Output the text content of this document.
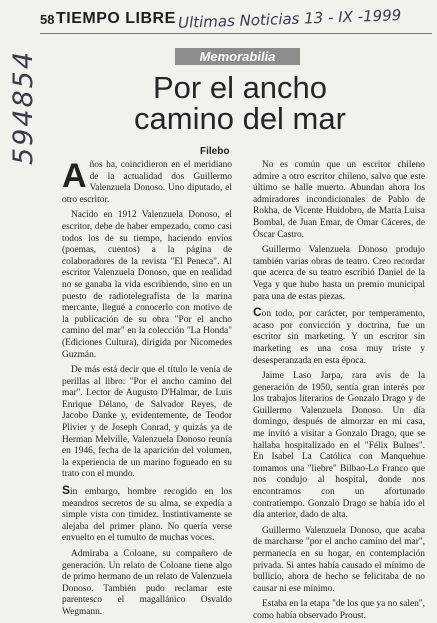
594854
58 TIEMPO LIBRE Ultimas Noticias 13 - IX -1999
Memorabilia
Por el ancho camino del mar
Filebo

Años ha, coincidieron en el meridiano de la actualidad dos Guillermo Valenzuela Donoso. Uno diputado, el otro escritor.

Nacido en 1912 Valenzuela Donoso, el escritor, debe de haber empezado, como casi todos los de su tiempo, haciendo envíos (poemas, cuentos) a la página de colaboradores de la revista "El Peneca". Al escritor Valenzuela Donoso, que en realidad no se ganaba la vida escribiendo, sino en un puesto de radiotelegrafista de la marina mercante, llegué a conocerlo con motivo de la publicación de su obra "Por el ancho camino del mar" en la colección "La Honda" (Ediciones Cultura), dirigida por Nicomedes Guzmán.

De más está decir que el título le venía de perillas al libro: "Por el ancho camino del mar". Lector de Augusto D'Halmar, de Luis Enrique Délano, de Salvador Reyes, de Jacobo Danke y, evidentemente, de Teodor Plivier y de Joseph Conrad, y quizás ya de Herman Melville, Valenzuela Donoso reunía en 1946, fecha de la aparición del volumen, la experiencia de un marino fogueado en su trato con el mundo.

Sin embargo, hombre recogido en los meandros secretos de su alma, se expedía a simple vista con timidez. Instintivamente se alejaba del primer plano. No quería verse envuelto en el tumulto de muchas voces.

Admiraba a Coloane, su compañero de generación. Un relato de Coloane tiene algo de primo hermano de un relato de Valenzuela Donoso. También pudo reclamar este parentesco el magallánico Osvaldo Wegmann.

No es común que un escritor chileno admire a otro escritor chileno, salvo que este último se halle muerto. Abundan ahora los admiradores incondicionales de Pablo de Rokha, de Vicente Huidobro, de María Luisa Bombal, de Juan Emar, de Omar Cáceres, de Óscar Castro.

Guillermo Valenzuela Donoso produjo también varias obras de teatro. Creo recordar que acerca de su teatro escribió Daniel de la Vega y que hubo hasta un premio municipal para una de estas piezas.

Con todo, por carácter, por temperamento, acaso por convicción y doctrina, fue un escritor sin marketing. Y un escritor sin marketing es una cosa muy triste y desesperanzada en esta época.

Jaime Laso Jarpa, rara avis de la generación de 1950, sentía gran interés por los trabajos literarios de Gonzalo Drago y de Guillermo Valenzuela Donoso. Un día domingo, después de almorzar en mi casa, me invitó a visitar a Gonzalo Drago, que se hallaba hospitalizado en el "Félix Bulnes". En Isabel La Católica con Manquehue tomamos una "liebre" Bilbao-Lo Franco que nos condujo al hospital, donde nos encontramos con un afortunado contratiempo. Gonzalo Drago se había ido el día anterior, dado de alta.

Guillermo Valenzuela Donoso, que acaba de marcharse "por el ancho camino del mar", permanecía en su hogar, en contemplación privada. Si antes había causado el mínimo de bullicio, ahora de hecho se felicitaba de no causar ni ese mínimo.

Estaba en la etapa "de los que ya no salen", como había observado Proust.
